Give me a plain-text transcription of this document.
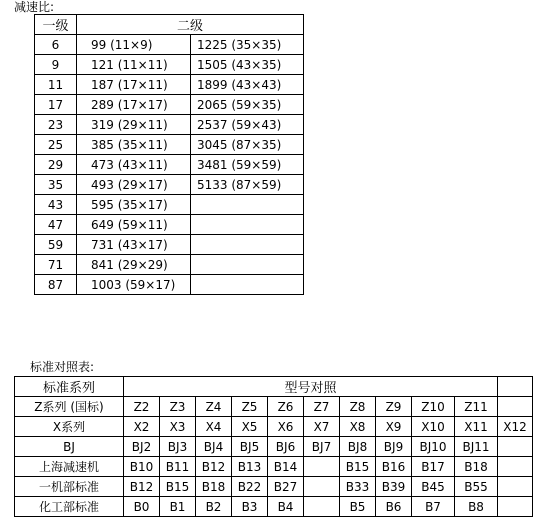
减速比:
一级	二级	
6	99 (11×9)	1225 (35×35)
9	121 (11×11)	1505 (43×35)
11	187 (17×11)	1899 (43×43)
17	289 (17×17)	2065 (59×35)
23	319 (29×11)	2537 (59×43)
25	385 (35×11)	3045 (87×35)
29	473 (43×11)	3481 (59×59)
35	493 (29×17)	5133 (87×59)
43	595 (35×17)	
47	649 (59×11)	
59	731 (43×17)	
71	841 (29×29)	
87	1003 (59×17)	
标准对照表:
标准系列	型号对照										
Z系列 (国标)	Z2	Z3	Z4	Z5	Z6	Z7	Z8	Z9	Z10	Z11	
X系列	X2	X3	X4	X5	X6	X7	X8	X9	X10	X11	X12
BJ	BJ2	BJ3	BJ4	BJ5	BJ6	BJ7	BJ8	BJ9	BJ10	BJ11	
上海减速机	B10	B11	B12	B13	B14		B15	B16	B17	B18	
一机部标准	B12	B15	B18	B22	B27		B33	B39	B45	B55	
化工部标准	B0	B1	B2	B3	B4		B5	B6	B7	B8	
